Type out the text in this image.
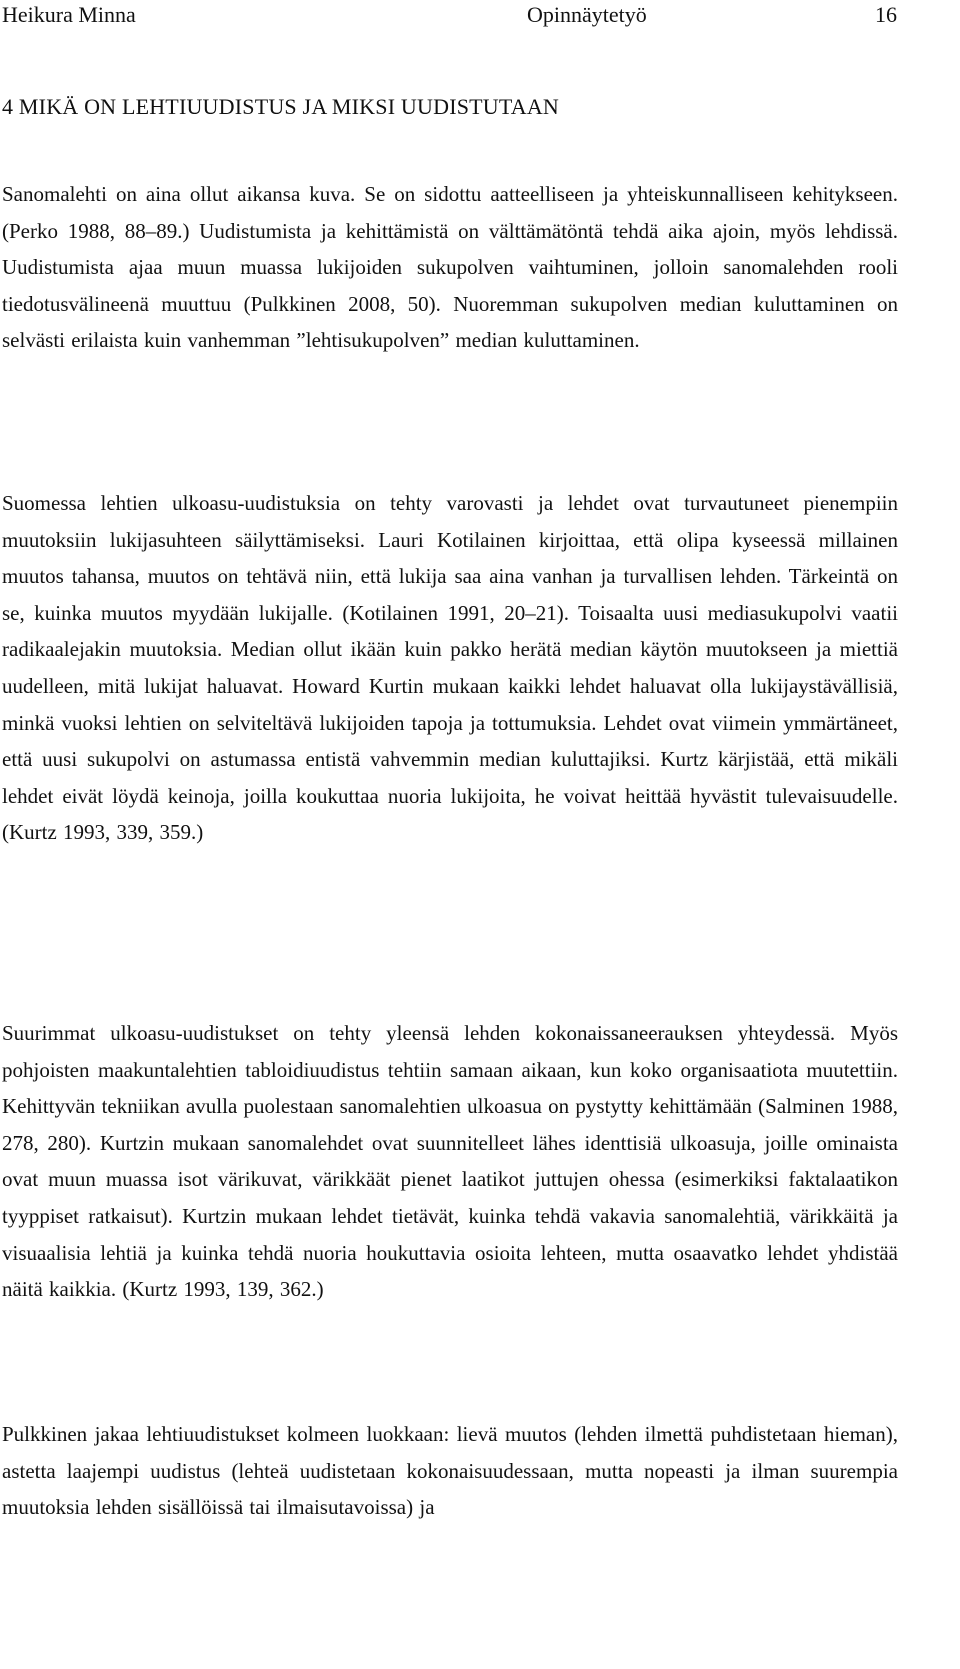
Heikura Minna	Opinnäytetyö	16
4 MIKÄ ON LEHTIUUDISTUS JA MIKSI UUDISTUTAAN

Sanomalehti on aina ollut aikansa kuva. Se on sidottu aatteelliseen ja yhteiskunnalliseen kehitykseen. (Perko 1988, 88–89.) Uudistumista ja kehittämistä on välttämätöntä tehdä aika ajoin, myös lehdissä. Uudistumista ajaa muun muassa lukijoiden sukupolven vaihtuminen, jolloin sanomalehden rooli tiedotusvälineenä muuttuu (Pulkkinen 2008, 50). Nuoremman sukupolven median kuluttaminen on selvästi erilaista kuin vanhemman ”lehtisukupolven” median kuluttaminen.

Suomessa lehtien ulkoasu-uudistuksia on tehty varovasti ja lehdet ovat turvautuneet pienempiin muutoksiin lukijasuhteen säilyttämiseksi. Lauri Kotilainen kirjoittaa, että olipa kyseessä millainen muutos tahansa, muutos on tehtävä niin, että lukija saa aina vanhan ja turvallisen lehden. Tärkeintä on se, kuinka muutos myydään lukijalle. (Kotilainen 1991, 20–21). Toisaalta uusi mediasukupolvi vaatii radikaalejakin muutoksia. Median ollut ikään kuin pakko herätä median käytön muutokseen ja miettiä uudelleen, mitä lukijat haluavat. Howard Kurtin mukaan kaikki lehdet haluavat olla lukijaystävällisiä, minkä vuoksi lehtien on selviteltävä lukijoiden tapoja ja tottumuksia. Lehdet ovat viimein ymmärtäneet, että uusi sukupolvi on astumassa entistä vahvemmin median kuluttajiksi. Kurtz kärjistää, että mikäli lehdet eivät löydä keinoja, joilla koukuttaa nuoria lukijoita, he voivat heittää hyvästit tulevaisuudelle. (Kurtz 1993, 339, 359.)

Suurimmat ulkoasu-uudistukset on tehty yleensä lehden kokonaissaneerauksen yhteydessä. Myös pohjoisten maakuntalehtien tabloidiuudistus tehtiin samaan aikaan, kun koko organisaatiota muutettiin. Kehittyvän tekniikan avulla puolestaan sanomalehtien ulkoasua on pystytty kehittämään (Salminen 1988, 278, 280). Kurtzin mukaan sanomalehdet ovat suunnitelleet lähes identtisiä ulkoasuja, joille ominaista ovat muun muassa isot värikuvat, värikkäät pienet laatikot juttujen ohessa (esimerkiksi faktalaatikon tyyppiset ratkaisut). Kurtzin mukaan lehdet tietävät, kuinka tehdä vakavia sanomalehtiä, värikkäitä ja visuaalisia lehtiä ja kuinka tehdä nuoria houkuttavia osioita lehteen, mutta osaavatko lehdet yhdistää näitä kaikkia. (Kurtz 1993, 139, 362.)

Pulkkinen jakaa lehtiuudistukset kolmeen luokkaan: lievä muutos (lehden ilmettä puhdistetaan hieman), astetta laajempi uudistus (lehteä uudistetaan kokonaisuudessaan, mutta nopeasti ja ilman suurempia muutoksia lehden sisällöissä tai ilmaisutavoissa) ja
